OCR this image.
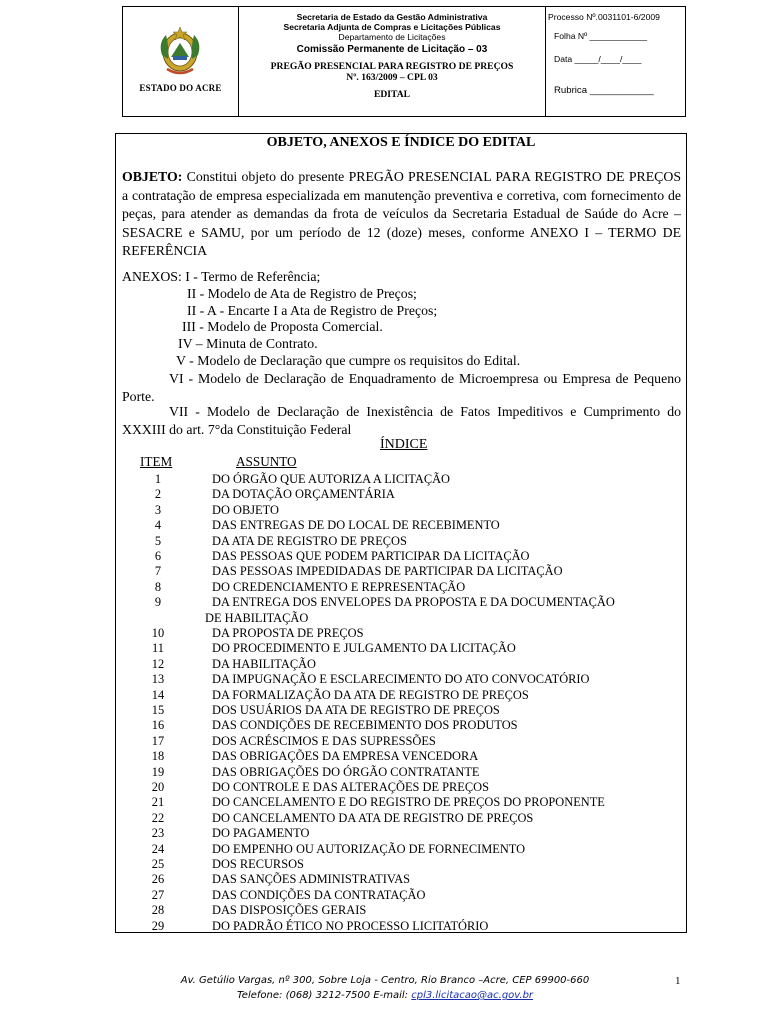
ESTADO DO ACRE
Secretaria de Estado da Gestão Administrativa
Secretaria Adjunta de Compras e Licitações Públicas
Departamento de Licitações
Comissão Permanente de Licitação – 03
PREGÃO PRESENCIAL PARA REGISTRO DE PREÇOS
Nº. 163/2009 – CPL 03
EDITAL
Processo Nº.0031101-6/2009
Folha Nº ____________
Data _____/____/____
Rubrica ____________
OBJETO, ANEXOS E ÍNDICE DO EDITAL
OBJETO: Constitui objeto do presente PREGÃO PRESENCIAL PARA REGISTRO DE PREÇOS a contratação de empresa especializada em manutenção preventiva e corretiva, com fornecimento de peças, para atender as demandas da frota de veículos da Secretaria Estadual de Saúde do Acre – SESACRE e SAMU, por um período de 12 (doze) meses, conforme ANEXO I – TERMO DE REFERÊNCIA
ANEXOS: I - Termo de Referência;
II - Modelo de Ata de Registro de Preços;
II - A - Encarte I a Ata de Registro de Preços;
III - Modelo de Proposta Comercial.
IV – Minuta de Contrato.
V - Modelo de Declaração que cumpre os requisitos do Edital.
VI - Modelo de Declaração de Enquadramento de Microempresa ou Empresa de Pequeno Porte.
VII - Modelo de Declaração de Inexistência de Fatos Impeditivos e Cumprimento do XXXIII do art. 7°da Constituição Federal
ÍNDICE
ITEM	ASSUNTO
1	DO ÓRGÃO QUE AUTORIZA A LICITAÇÃO
2	DA DOTAÇÃO ORÇAMENTÁRIA
3	DO OBJETO
4	DAS ENTREGAS DE DO LOCAL DE RECEBIMENTO
5	DA ATA DE REGISTRO DE PREÇOS
6	DAS PESSOAS QUE PODEM PARTICIPAR DA LICITAÇÃO
7	DAS PESSOAS IMPEDIDADAS DE PARTICIPAR DA LICITAÇÃO
8	DO CREDENCIAMENTO E REPRESENTAÇÃO
9	DA ENTREGA DOS ENVELOPES DA PROPOSTA E DA DOCUMENTAÇÃO
DE HABILITAÇÃO
10	DA PROPOSTA DE PREÇOS
11	DO PROCEDIMENTO E JULGAMENTO DA LICITAÇÃO
12	DA HABILITAÇÃO
13	DA IMPUGNAÇÃO E ESCLARECIMENTO DO ATO CONVOCATÓRIO
14	DA FORMALIZAÇÃO DA ATA DE REGISTRO DE PREÇOS
15	DOS USUÁRIOS DA ATA DE REGISTRO DE PREÇOS
16	DAS CONDIÇÕES DE RECEBIMENTO DOS PRODUTOS
17	DOS ACRÉSCIMOS E DAS SUPRESSÕES
18	DAS OBRIGAÇÕES DA EMPRESA VENCEDORA
19	DAS OBRIGAÇÕES DO ÓRGÃO CONTRATANTE
20	DO CONTROLE E DAS ALTERAÇÕES DE PREÇOS
21	DO CANCELAMENTO E DO REGISTRO DE PREÇOS DO PROPONENTE
22	DO CANCELAMENTO DA ATA DE REGISTRO DE PREÇOS
23	DO PAGAMENTO
24	DO EMPENHO OU AUTORIZAÇÃO DE FORNECIMENTO
25	DOS RECURSOS
26	DAS SANÇÕES ADMINISTRATIVAS
27	DAS CONDIÇÕES DA CONTRATAÇÃO
28	DAS DISPOSIÇÕES GERAIS
29	DO PADRÃO ÉTICO NO PROCESSO LICITATÓRIO
Av. Getúlio Vargas, nº 300, Sobre Loja - Centro, Rio Branco –Acre, CEP 69900-660
Telefone: (068) 3212-7500 E-mail: cpl3.licitacao@ac.gov.br
1
